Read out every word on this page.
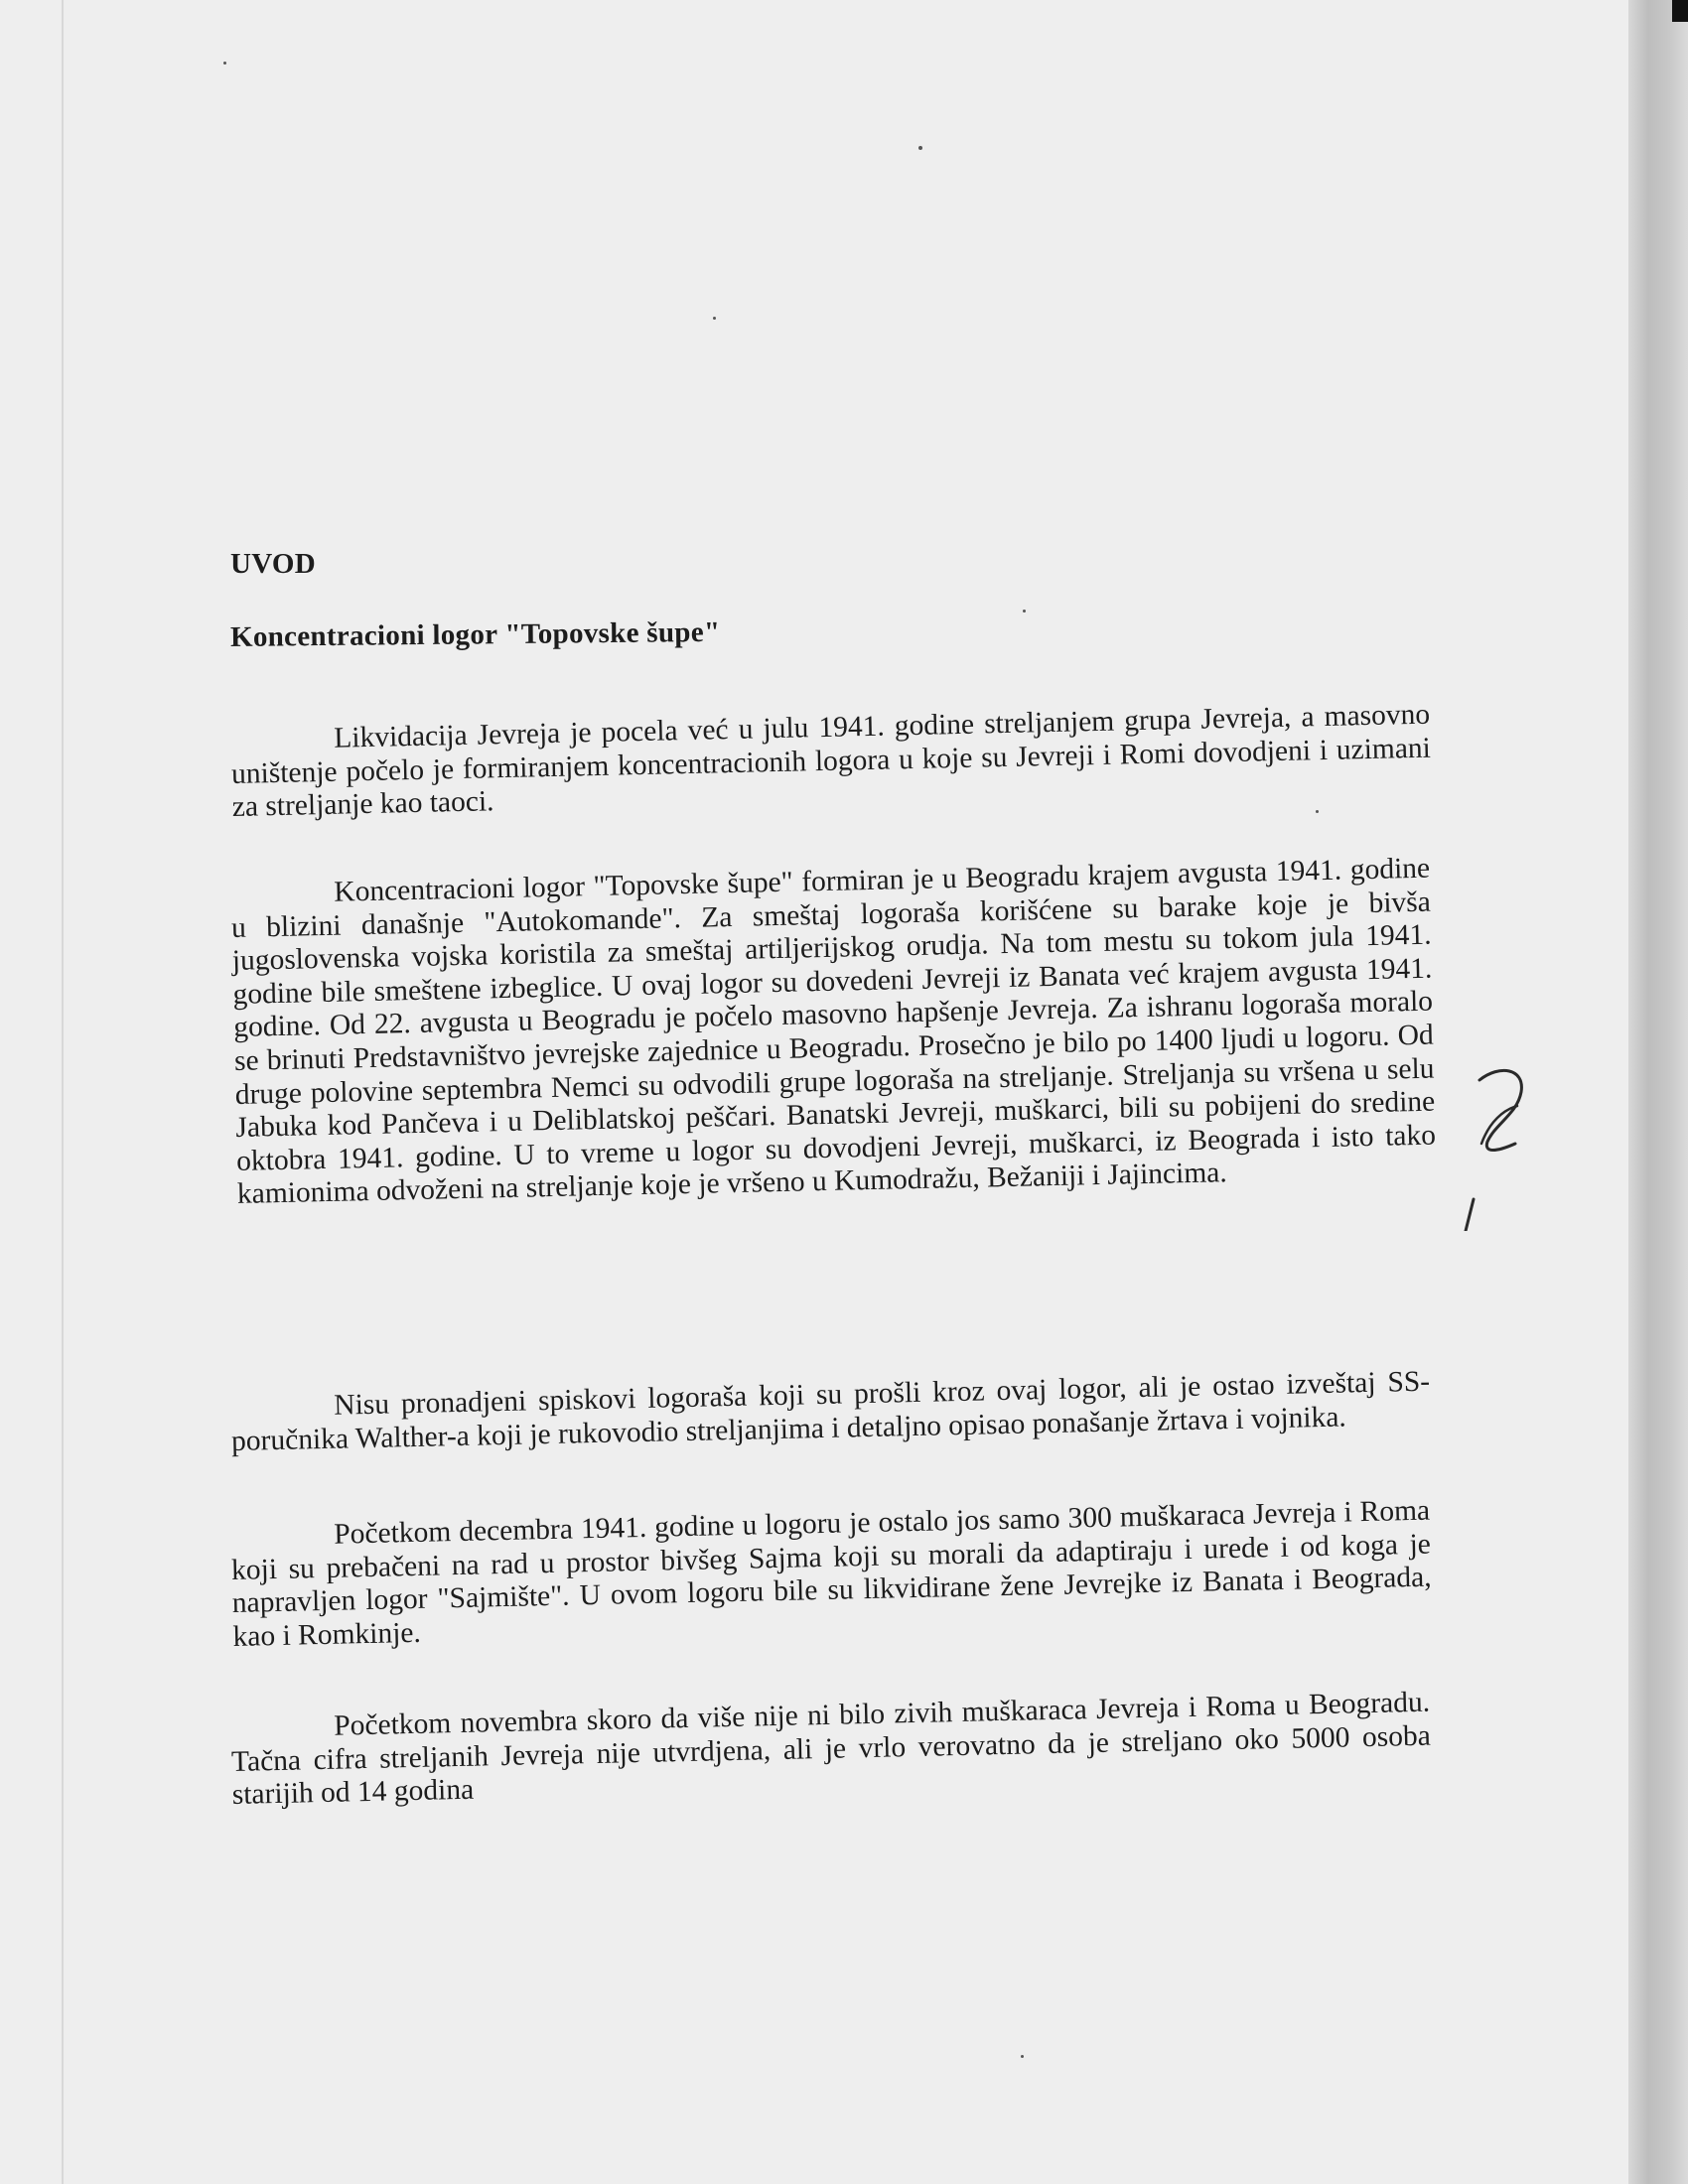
UVOD
Koncentracioni logor "Topovske šupe"

Likvidacija Jevreja je pocela već u julu 1941. godine streljanjem grupa Jevreja, a masovno uništenje počelo je formiranjem koncentracionih logora u koje su Jevreji i Romi dovodjeni i uzimani za streljanje kao taoci.

Koncentracioni logor "Topovske šupe" formiran je u Beogradu krajem avgusta 1941. godine u blizini današnje "Autokomande". Za smeštaj logoraša korišćene su barake koje je bivša jugoslovenska vojska koristila za smeštaj artiljerijskog orudja. Na tom mestu su tokom jula 1941. godine bile smeštene izbeglice. U ovaj logor su dovedeni Jevreji iz Banata već krajem avgusta 1941. godine. Od 22. avgusta u Beogradu je počelo masovno hapšenje Jevreja. Za ishranu logoraša moralo se brinuti Predstavništvo jevrejske zajednice u Beogradu. Prosečno je bilo po 1400 ljudi u logoru. Od druge polovine septembra Nemci su odvodili grupe logoraša na streljanje. Streljanja su vršena u selu Jabuka kod Pančeva i u Deliblatskoj peščari. Banatski Jevreji, muškarci, bili su pobijeni do sredine oktobra 1941. godine. U to vreme u logor su dovodjeni Jevreji, muškarci, iz Beograda i isto tako kamionima odvoženi na streljanje koje je vršeno u Kumodražu, Bežaniji i Jajincima.

Nisu pronadjeni spiskovi logoraša koji su prošli kroz ovaj logor, ali je ostao izveštaj SS-poručnika Walther-a koji je rukovodio streljanjima i detaljno opisao ponašanje žrtava i vojnika.

Početkom decembra 1941. godine u logoru je ostalo jos samo 300 muškaraca Jevreja i Roma koji su prebačeni na rad u prostor bivšeg Sajma koji su morali da adaptiraju i urede i od koga je napravljen logor "Sajmište". U ovom logoru bile su likvidirane žene Jevrejke iz Banata i Beograda, kao i Romkinje.

Početkom novembra skoro da više nije ni bilo zivih muškaraca Jevreja i Roma u Beogradu. Tačna cifra streljanih Jevreja nije utvrdjena, ali je vrlo verovatno da je streljano oko 5000 osoba starijih od 14 godina
